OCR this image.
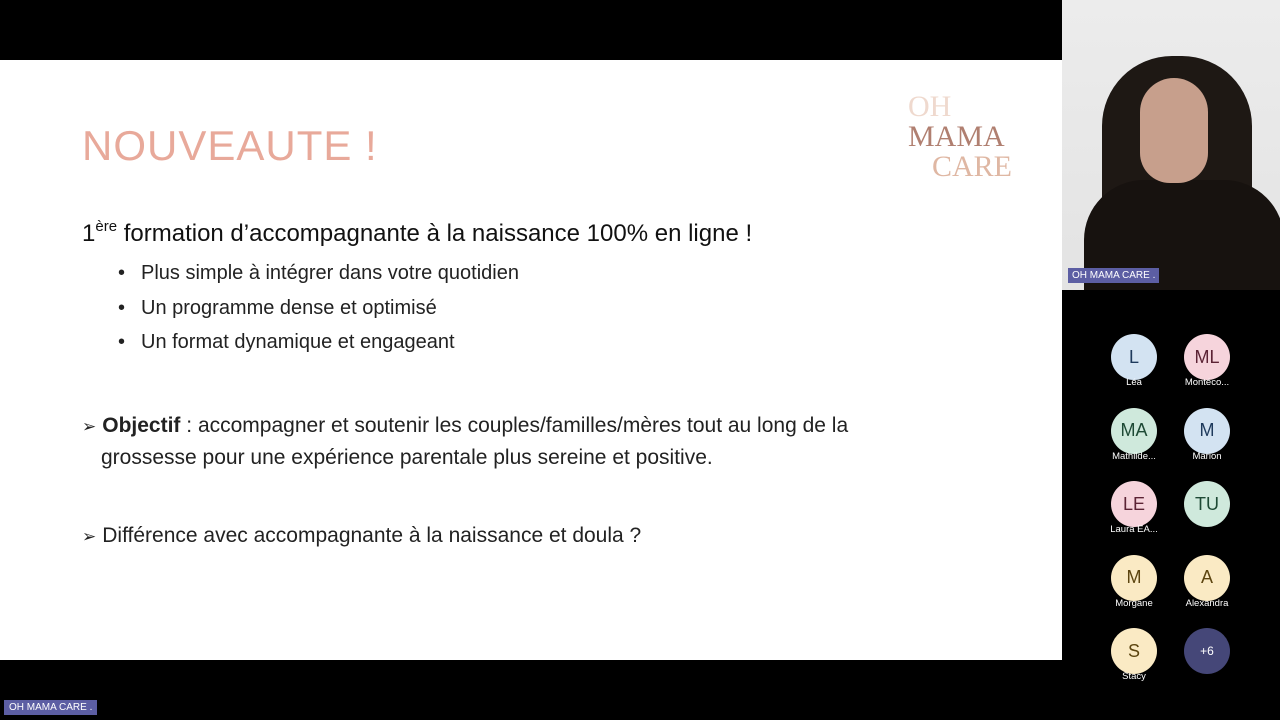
NOUVEAUTE !
OH
MAMA
CARE
1ère formation d’accompagnante à la naissance 100% en ligne !
• Plus simple à intégrer dans votre quotidien
• Un programme dense et optimisé
• Un format dynamique et engageant
➢ Objectif : accompagner et soutenir les couples/familles/mères tout au long de la
grossesse pour une expérience parentale plus sereine et positive.
➢ Différence avec accompagnante à la naissance et doula ?
OH MAMA CARE .
OH MAMA CARE .
L
Léa
ML
Montéco...
MA
Mathilde...
M
Marion
LE
Laura EA...
TU
M
Morgane
A
Alexandra
S
Stacy
+6
